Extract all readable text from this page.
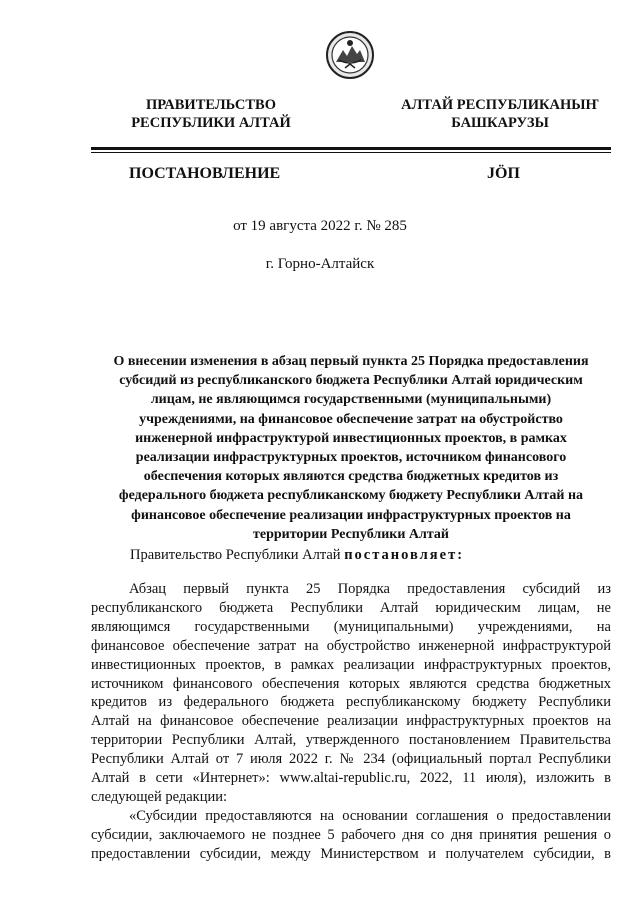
ПРАВИТЕЛЬСТВО
РЕСПУБЛИКИ АЛТАЙ
АЛТАЙ РЕСПУБЛИКАНЫҤ
БАШКАРУЗЫ
ПОСТАНОВЛЕНИЕ	JÖП
от 19 августа 2022 г. № 285
г. Горно-Алтайск
О внесении изменения в абзац первый пункта 25 Порядка предоставления
субсидий из республиканского бюджета Республики Алтай юридическим
лицам, не являющимся государственными (муниципальными)
учреждениями, на финансовое обеспечение затрат на обустройство
инженерной инфраструктурой инвестиционных проектов, в рамках
реализации инфраструктурных проектов, источником финансового
обеспечения которых являются средства бюджетных кредитов из
федерального бюджета республиканскому бюджету Республики Алтай на
финансовое обеспечение реализации инфраструктурных проектов на
территории Республики Алтай
Правительство Республики Алтай постановляет:
Абзац первый пункта 25 Порядка предоставления субсидий из
республиканского бюджета Республики Алтай юридическим лицам, не
являющимся государственными (муниципальными) учреждениями, на
финансовое обеспечение затрат на обустройство инженерной инфраструктурой
инвестиционных проектов, в рамках реализации инфраструктурных проектов,
источником финансового обеспечения которых являются средства бюджетных
кредитов из федерального бюджета республиканскому бюджету Республики
Алтай на финансовое обеспечение реализации инфраструктурных проектов на
территории Республики Алтай, утвержденного постановлением Правительства
Республики Алтай от 7 июля 2022 г. № 234 (официальный портал Республики
Алтай в сети «Интернет»: www.altai-republic.ru, 2022, 11 июля), изложить в
следующей редакции:
«Субсидии предоставляются на основании соглашения о предоставлении
субсидии, заключаемого не позднее 5 рабочего дня со дня принятия решения о
предоставлении субсидии, между Министерством и получателем субсидии, в
